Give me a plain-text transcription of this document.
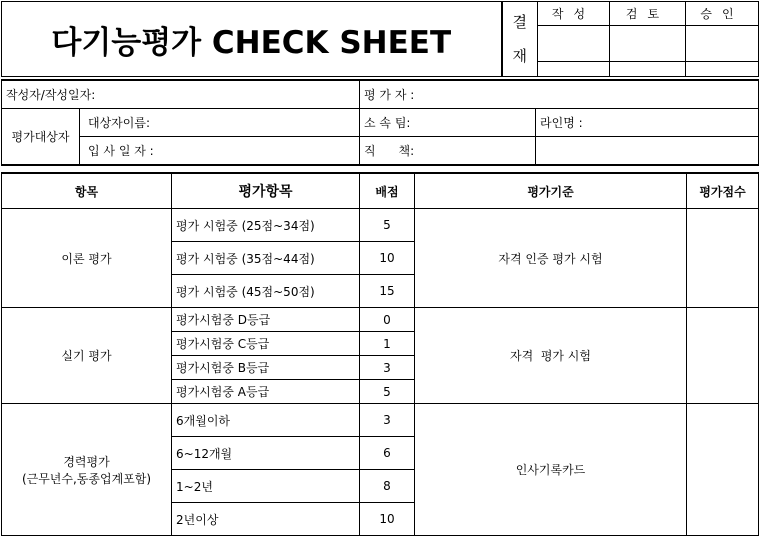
다기능평가 CHECK SHEET	결
재	작성	검토	승인

작성자/작성일자:		평 가 자 :	
평가대상자	대상자이름:	소 속 팀:	라인명 :
	입 사 일 자 :	직      책:	
항목	평가항목	배점	평가기준	평가점수
이론 평가	평가 시험중 (25점~34점)	5	자격 인증 평가 시험	
	평가 시험중 (35점~44점)	10		
	평가 시험중 (45점~50점)	15		
실기 평가	평가시험중 D등급	0	자격  평가 시험	
	평가시험중 C등급	1		
	평가시험중 B등급	3		
	평가시험중 A등급	5		

경력평가
(근무년수,동종업계포함)	6개월이하	3	인사기록카드	
	6~12개월	6		
	1~2년	8		
	2년이상	10		
